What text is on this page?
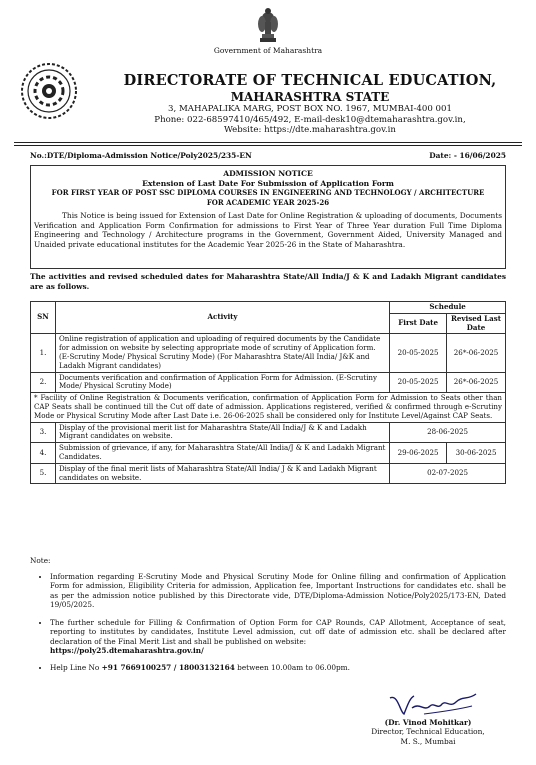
Government of Maharashtra
DIRECTORATE OF TECHNICAL EDUCATION,
MAHARASHTRA STATE
3, MAHAPALIKA MARG, POST BOX NO. 1967, MUMBAI-400 001
Phone: 022-68597410/465/492, E-mail-desk10@dtemaharashtra.gov.in,
Website: https://dte.maharashtra.gov.in
No.:DTE/Diploma-Admission Notice/Poly2025/235-EN	Date: - 16/06/2025
ADMISSION NOTICE
Extension of Last Date For Submission of Application Form
FOR FIRST YEAR OF POST SSC DIPLOMA COURSES IN ENGINEERING AND TECHNOLOGY / ARCHITECTURE
FOR ACADEMIC YEAR 2025-26
This Notice is being issued for Extension of Last Date for Online Registration & uploading of documents, Documents Verification and Application Form Confirmation for admissions to First Year of Three Year duration Full Time Diploma Engineering and Technology / Architecture programs in the Government, Government Aided, University Managed and Unaided private educational institutes for the Academic Year 2025-26 in the State of Maharashtra.
The activities and revised scheduled dates for Maharashtra State/All India/J & K and Ladakh Migrant candidates are as follows.
SN	Activity	Schedule	
		First Date	Revised Last Date
1.	Online registration of application and uploading of required documents by the Candidate for admission on website by selecting appropriate mode of scrutiny of Application form. (E-Scrutiny Mode/ Physical Scrutiny Mode) (For Maharashtra State/All India/ J&K and Ladakh Migrant candidates)	20-05-2025	26*-06-2025
2.	Documents verification and confirmation of Application Form for Admission. (E-Scrutiny Mode/ Physical Scrutiny Mode)	20-05-2025	26*-06-2025
* Facility of Online Registration & Documents verification, confirmation of Application Form for Admission to Seats other than CAP Seats shall be continued till the Cut off date of admission. Applications registered, verified & confirmed through e-Scrutiny Mode or Physical Scrutiny Mode after Last Date i.e. 26-06-2025 shall be considered only for Institute Level/Against CAP Seats.			
3.	Display of the provisional merit list for Maharashtra State/All India/J & K and Ladakh Migrant candidates on website.	28-06-2025	
4.	Submission of grievance, if any, for Maharashtra State/All India/J & K and Ladakh Migrant Candidates.	29-06-2025	30-06-2025
5.	Display of the final merit lists of Maharashtra State/All India/ J & K and Ladakh Migrant candidates on website.	02-07-2025	
Note:
• Information regarding E-Scrutiny Mode and Physical Scrutiny Mode for Online filling and confirmation of Application Form for admission, Eligibility Criteria for admission, Application fee, Important Instructions for candidates etc. shall be as per the admission notice published by this Directorate vide, DTE/Diploma-Admission Notice/Poly2025/173-EN, Dated 19/05/2025.
• The further schedule for Filling & Confirmation of Option Form for CAP Rounds, CAP Allotment, Acceptance of seat, reporting to institutes by candidates, Institute Level admission, cut off date of admission etc. shall be declared after declaration of the Final Merit List and shall be published on website:
https://poly25.dtemaharashtra.gov.in/
• Help Line No +91 7669100257 / 18003132164 between 10.00am to 06.00pm.
(Dr. Vinod Mohitkar)
Director, Technical Education,
M. S., Mumbai
